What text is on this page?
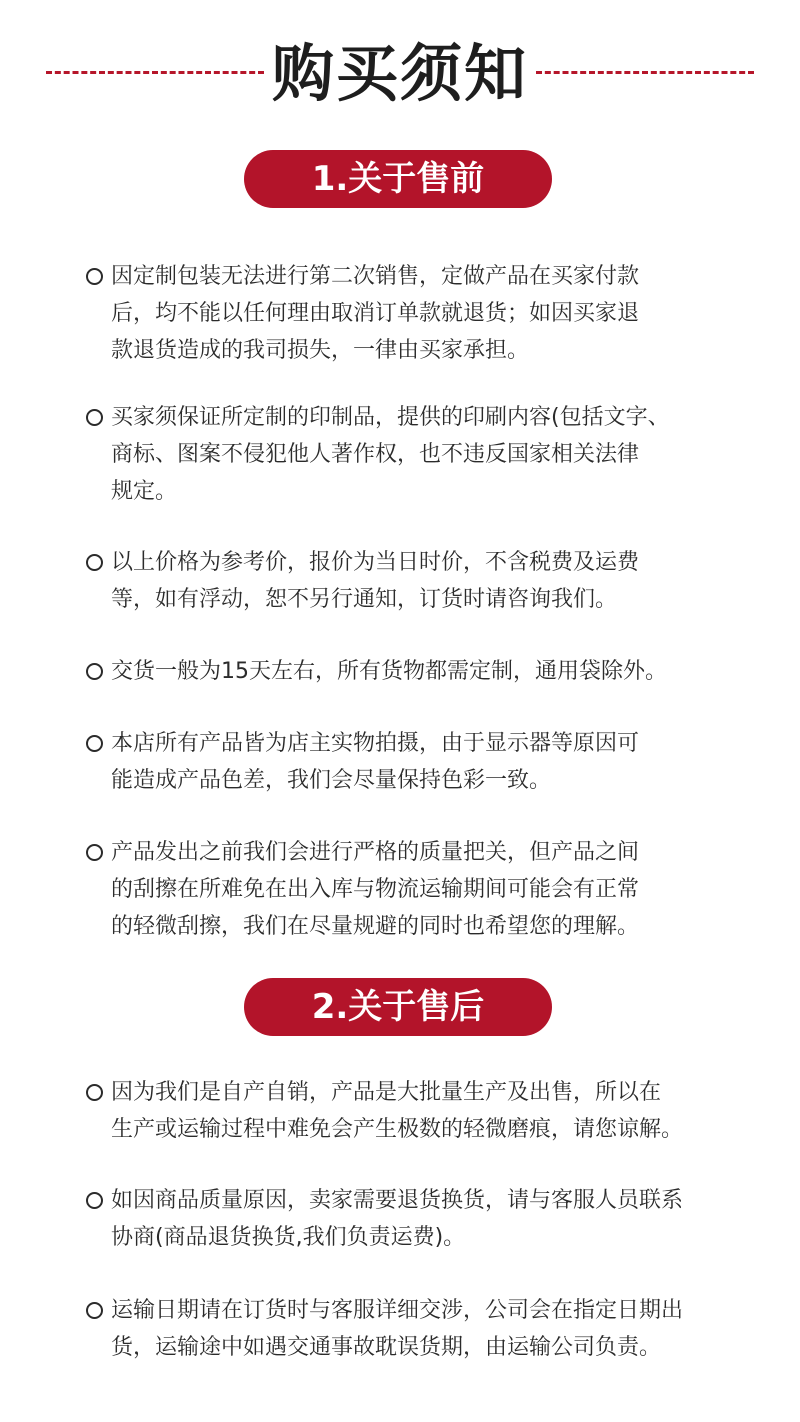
购买须知
1.关于售前
因定制包装无法进行第二次销售，定做产品在买家付款
后，均不能以任何理由取消订单款就退货；如因买家退
款退货造成的我司损失，一律由买家承担。
买家须保证所定制的印制品，提供的印刷内容(包括文字、
商标、图案不侵犯他人著作权，也不违反国家相关法律
规定。
以上价格为参考价，报价为当日时价，不含税费及运费
等，如有浮动，恕不另行通知，订货时请咨询我们。
交货一般为15天左右，所有货物都需定制，通用袋除外。
本店所有产品皆为店主实物拍摄，由于显示器等原因可
能造成产品色差，我们会尽量保持色彩一致。
产品发出之前我们会进行严格的质量把关，但产品之间
的刮擦在所难免在出入库与物流运输期间可能会有正常
的轻微刮擦，我们在尽量规避的同时也希望您的理解。
2.关于售后
因为我们是自产自销，产品是大批量生产及出售，所以在
生产或运输过程中难免会产生极数的轻微磨痕，请您谅解。
如因商品质量原因，卖家需要退货换货，请与客服人员联系
协商(商品退货换货,我们负责运费)。
运输日期请在订货时与客服详细交涉，公司会在指定日期出
货，运输途中如遇交通事故耽误货期，由运输公司负责。
